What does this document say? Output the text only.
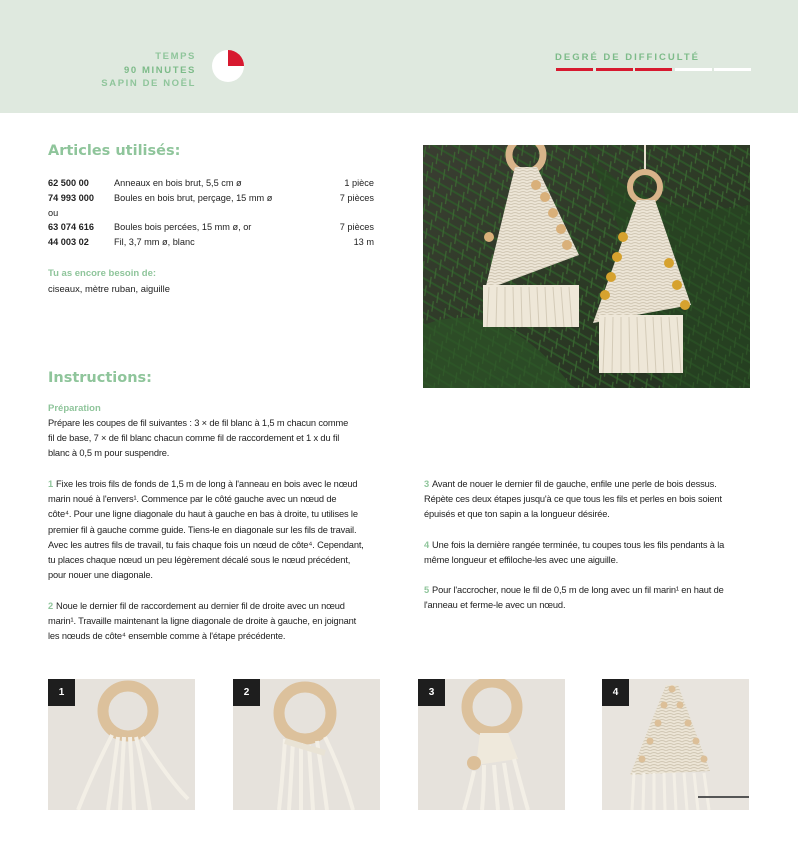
TEMPS
90 MINUTES
SAPIN DE NOËL
DEGRÉ DE DIFFICULTÉ
Articles utilisés:
62 500 00	Anneaux en bois brut, 5,5 cm ø	1 pièce
74 993 000 Boules en bois brut, perçage, 15 mm ø	7 pièces
ou
63 074 616 Boules bois percées, 15 mm ø, or	7 pièces
44 003 02	Fil, 3,7 mm ø, blanc	13 m
Tu as encore besoin de:
ciseaux, mètre ruban, aiguille
Instructions:
Préparation
Prépare les coupes de fil suivantes : 3 × de fil blanc à 1,5 m chacun comme
fil de base, 7 × de fil blanc chacun comme fil de raccordement et 1 x du fil
blanc à 0,5 m pour suspendre.
1 Fixe les trois fils de fonds de 1,5 m de long à l'anneau en bois avec le nœud
marin noué à l'envers¹. Commence par le côté gauche avec un nœud de
côte⁴. Pour une ligne diagonale du haut à gauche en bas à droite, tu utilises le
premier fil à gauche comme guide. Tiens-le en diagonale sur les fils de travail.
Avec les autres fils de travail, tu fais chaque fois un nœud de côte⁴. Cependant,
tu places chaque nœud un peu légèrement décalé sous le nœud précédent,
pour nouer une diagonale.
2 Noue le dernier fil de raccordement au dernier fil de droite avec un nœud
marin¹. Travaille maintenant la ligne diagonale de droite à gauche, en joignant
les nœuds de côte⁴ ensemble comme à l'étape précédente.
3 Avant de nouer le dernier fil de gauche, enfile une perle de bois dessus.
Répète ces deux étapes jusqu'à ce que tous les fils et perles en bois soient
épuisés et que ton sapin a la longueur désirée.
4 Une fois la dernière rangée terminée, tu coupes tous les fils pendants à la
même longueur et effiloche-les avec une aiguille.
5 Pour l'accrocher, noue le fil de 0,5 m de long avec un fil marin¹ en haut de
l'anneau et ferme-le avec un nœud.
1	2	3	4
